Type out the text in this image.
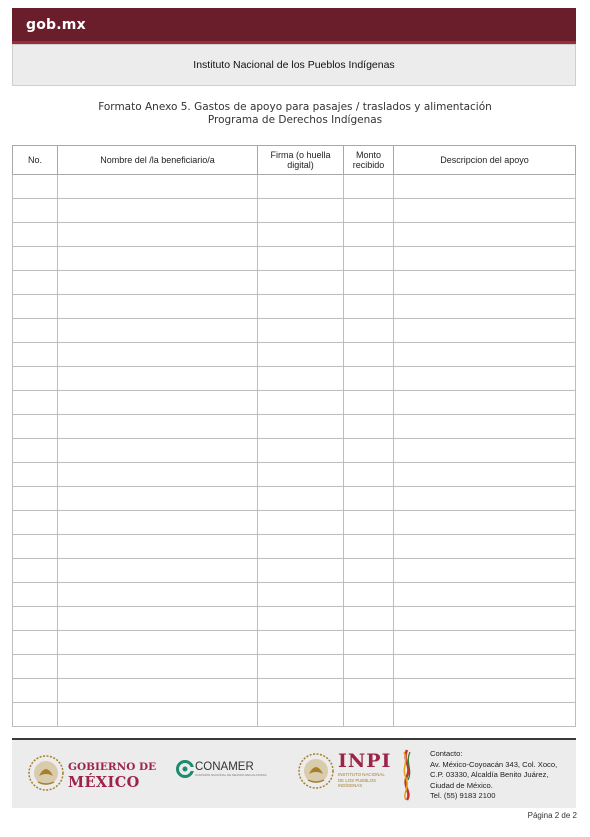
gob.mx
Instituto Nacional de los Pueblos Indígenas
Formato Anexo 5. Gastos de apoyo para pasajes / traslados y alimentación
Programa de Derechos Indígenas
No.	Nombre del /la beneficiario/a	Firma (o huella digital)	Monto recibido	Descripcion del apoyo

GOBIERNO DE
MÉXICO
CONAMER
COMISIÓN NACIONAL DE MEJORA REGULATORIA
INPI
INSTITUTO NACIONAL
DE LOS PUEBLOS
INDÍGENAS
Contacto:
Av. México-Coyoacán 343, Col. Xoco,
C.P. 03330, Alcaldía Benito Juárez,
Ciudad de México.
Tel. (55) 9183 2100
Página 2 de 2
